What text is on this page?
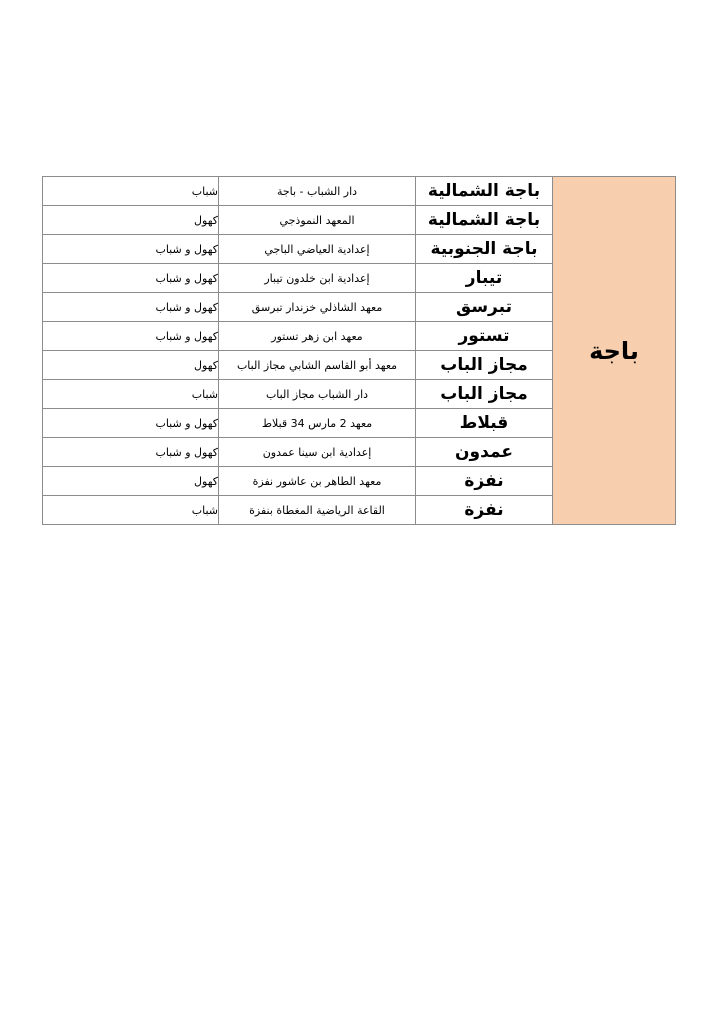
باجة	باجة الشمالية	دار الشباب - باجة	شباب
	باجة الشمالية	المعهد النموذجي	كهول
	باجة الجنوبية	إعدادية العياضي الباجي	كهول و شباب
	تيبار	إعدادية ابن خلدون تيبار	كهول و شباب
	تبرسق	معهد الشاذلي خزندار تبرسق	كهول و شباب
	تستور	معهد ابن زهر تستور	كهول و شباب
	مجاز الباب	معهد أبو القاسم الشابي مجاز الباب	كهول
	مجاز الباب	دار الشباب مجاز الباب	شباب
	قبلاط	معهد 2 مارس 34 قبلاط	كهول و شباب
	عمدون	إعدادية ابن سينا عمدون	كهول و شباب
	نفزة	معهد الطاهر بن عاشور نفزة	كهول
	نفزة	القاعة الرياضية المغطاة بنفزة	شباب
